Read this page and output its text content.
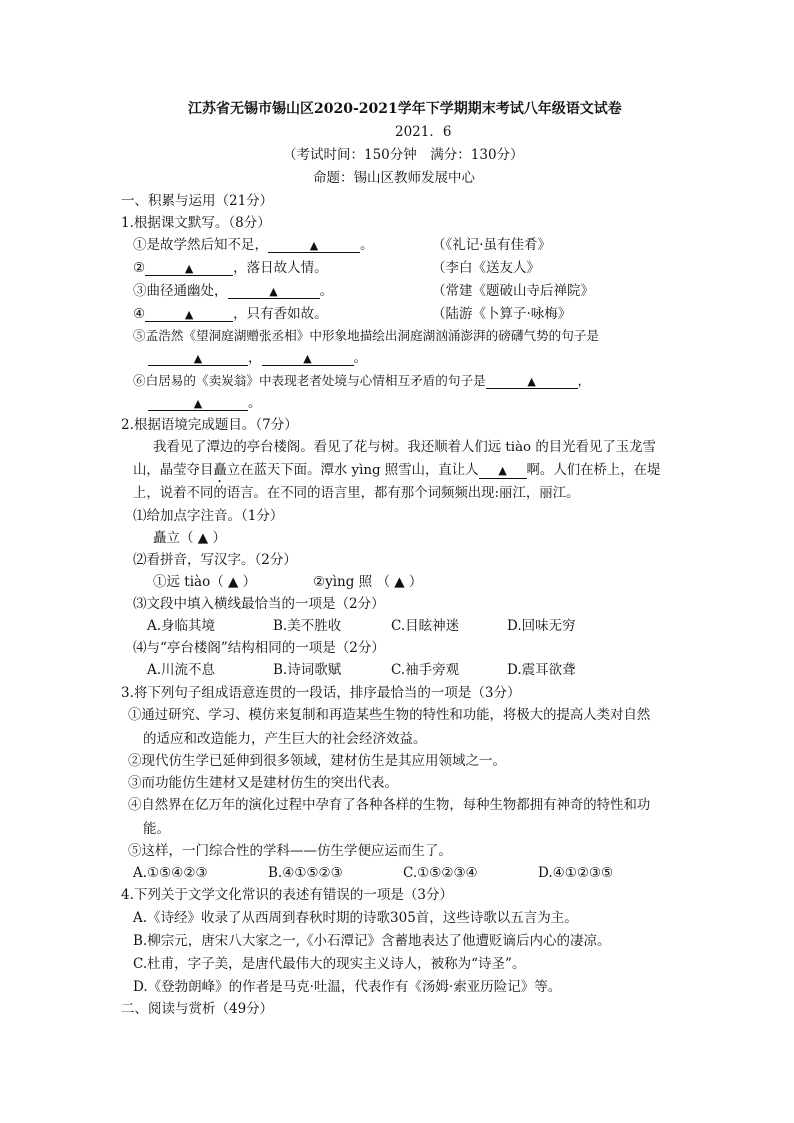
江苏省无锡市锡山区2020-2021学年下学期期末考试八年级语文试卷
2021．6
（考试时间：150分钟　满分：130分）
命题：锡山区教师发展中心
一、积累与运用（21分）
1.根据课文默写。（8分）
①是故学然后知不足，	▲	。	（《礼记·虽有佳肴》
②	▲	，落日故人情。	（李白《送友人》
③曲径通幽处，	▲	。	（常建《题破山寺后禅院》
④	▲	，只有香如故。	（陆游《卜算子·咏梅》
⑤孟浩然《望洞庭湖赠张丞相》中形象地描绘出洞庭湖汹涌澎湃的磅礴气势的句子是
▲	，	▲	。
⑥白居易的《卖炭翁》中表现老者处境与心情相互矛盾的句子是	▲	，
▲	。
2.根据语境完成题目。（7分）
我看见了潭边的亭台楼阁。看见了花与树。我还顺着人们远 tiào 的目光看见了玉龙雪
山，晶莹夺目矗立在蓝天下面。潭水 yìng 照雪山，直让人 ▲ 啊。人们在桥上，在堤
上，说着不同的语言。在不同的语言里，都有那个词频频出现:丽江，丽江。
⑴给加点字注音。（1分）
矗立（ ▲ ）
⑵看拼音，写汉字。（2分）
①远 tiào（ ▲ ）	②yìng 照 （ ▲ ）
⑶文段中填入横线最恰当的一项是（2分）
A.身临其境	B.美不胜收	C.目眩神迷	D.回味无穷
⑷与“亭台楼阁”结构相同的一项是（2分）
A.川流不息	B.诗词歌赋	C.袖手旁观	D.震耳欲聋
3.将下列句子组成语意连贯的一段话，排序最恰当的一项是（3分）
①通过研究、学习、模仿来复制和再造某些生物的特性和功能，将极大的提高人类对自然
的适应和改造能力，产生巨大的社会经济效益。
②现代仿生学已延伸到很多领域，建材仿生是其应用领域之一。
③而功能仿生建材又是建材仿生的突出代表。
④自然界在亿万年的演化过程中孕育了各种各样的生物，每种生物都拥有神奇的特性和功
能。
⑤这样，一门综合性的学科——仿生学便应运而生了。
A.①⑤④②③	B.④①⑤②③	C.①⑤②③④	D.④①②③⑤
4.下列关于文学文化常识的表述有错误的一项是（3分）
A.《诗经》收录了从西周到春秋时期的诗歌305首，这些诗歌以五言为主。
B.柳宗元，唐宋八大家之一,《小石潭记》含蓄地表达了他遭贬谪后内心的凄凉。
C.杜甫，字子美，是唐代最伟大的现实主义诗人，被称为“诗圣”。
D.《登勃朗峰》的作者是马克·吐温，代表作有《汤姆·索亚历险记》等。
二、阅读与赏析（49分）
